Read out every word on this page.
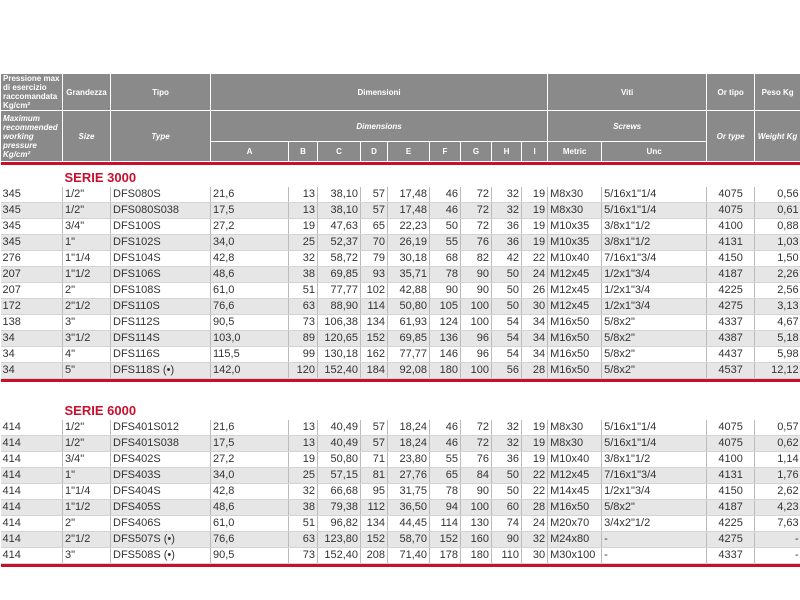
Pressione max di esercizio raccomandata Kg/cm²	Grandezza	Tipo	Dimensioni									Viti		Or tipo	Peso Kg
Maximum recommended working pressure Kg/cm²	Size	Type	Dimensions									Screws		Or type	Weight Kg
			A	B	C	D	E	F	G	H	I	Metric	Unc		

SERIE 3000															
345	1/2"	DFS080S	21,6	13	38,10	57	17,48	46	72	32	19	M8x30	5/16x1"1/4	4075	0,56
345	1/2"	DFS080S038	17,5	13	38,10	57	17,48	46	72	32	19	M8x30	5/16x1"1/4	4075	0,61
345	3/4"	DFS100S	27,2	19	47,63	65	22,23	50	72	36	19	M10x35	3/8x1"1/2	4100	0,88
345	1"	DFS102S	34,0	25	52,37	70	26,19	55	76	36	19	M10x35	3/8x1"1/2	4131	1,03
276	1"1/4	DFS104S	42,8	32	58,72	79	30,18	68	82	42	22	M10x40	7/16x1"3/4	4150	1,50
207	1"1/2	DFS106S	48,6	38	69,85	93	35,71	78	90	50	24	M12x45	1/2x1"3/4	4187	2,26
207	2"	DFS108S	61,0	51	77,77	102	42,88	90	90	50	26	M12x45	1/2x1"3/4	4225	2,56
172	2"1/2	DFS110S	76,6	63	88,90	114	50,80	105	100	50	30	M12x45	1/2x1"3/4	4275	3,13
138	3"	DFS112S	90,5	73	106,38	134	61,93	124	100	54	34	M16x50	5/8x2"	4337	4,67
34	3"1/2	DFS114S	103,0	89	120,65	152	69,85	136	96	54	34	M16x50	5/8x2"	4387	5,18
34	4"	DFS116S	115,5	99	130,18	162	77,77	146	96	54	34	M16x50	5/8x2"	4437	5,98
34	5"	DFS118S (•)	142,0	120	152,40	184	92,08	180	100	56	28	M16x50	5/8x2"	4537	12,12

SERIE 6000															
414	1/2"	DFS401S012	21,6	13	40,49	57	18,24	46	72	32	19	M8x30	5/16x1"1/4	4075	0,57
414	1/2"	DFS401S038	17,5	13	40,49	57	18,24	46	72	32	19	M8x30	5/16x1"1/4	4075	0,62
414	3/4"	DFS402S	27,2	19	50,80	71	23,80	55	76	36	19	M10x40	3/8x1"1/2	4100	1,14
414	1"	DFS403S	34,0	25	57,15	81	27,76	65	84	50	22	M12x45	7/16x1"3/4	4131	1,76
414	1"1/4	DFS404S	42,8	32	66,68	95	31,75	78	90	50	22	M14x45	1/2x1"3/4	4150	2,62
414	1"1/2	DFS405S	48,6	38	79,38	112	36,50	94	100	60	28	M16x50	5/8x2"	4187	4,23
414	2"	DFS406S	61,0	51	96,82	134	44,45	114	130	74	24	M20x70	3/4x2"1/2	4225	7,63
414	2"1/2	DFS507S (•)	76,6	63	123,80	152	58,70	152	160	90	32	M24x80	-	4275	-
414	3"	DFS508S (•)	90,5	73	152,40	208	71,40	178	180	110	30	M30x100	-	4337	-
